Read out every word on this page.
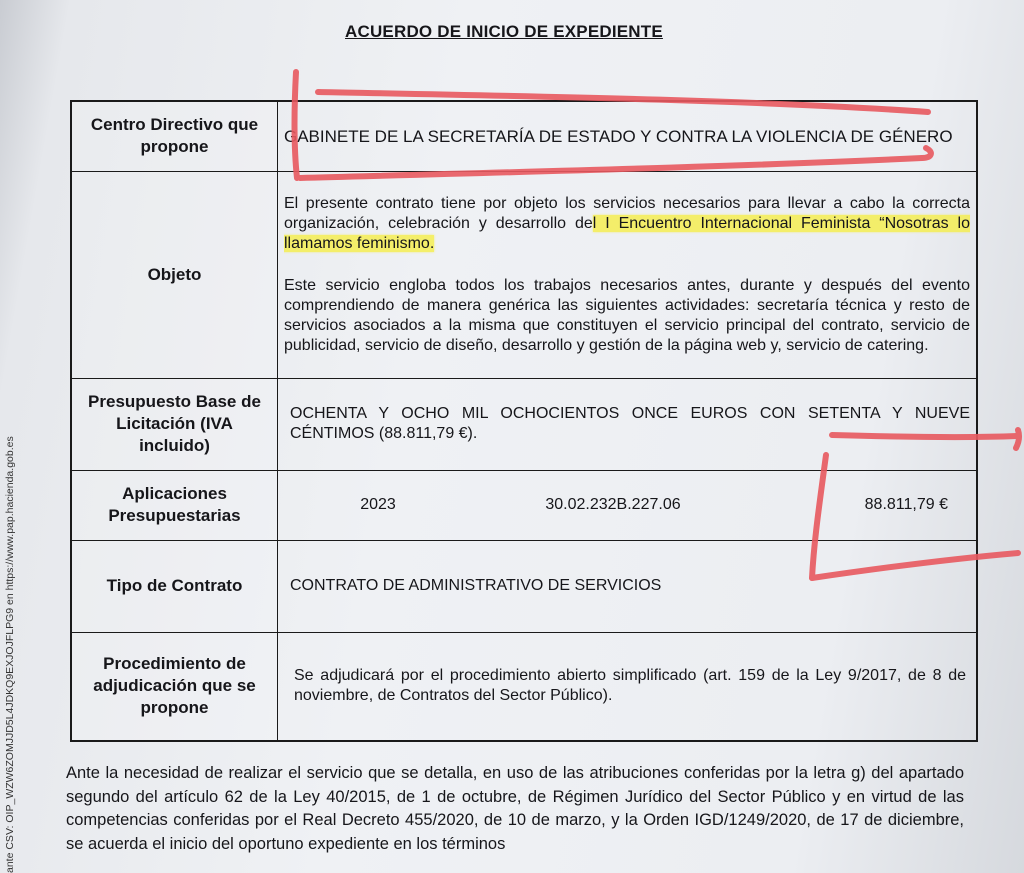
ACUERDO DE INICIO DE EXPEDIENTE
ante CSV: OIP_WZW6ZOMJJD5L4JDKQ9EXJOJFLPG9 en https://www.pap.hacienda.gob.es
Centro Directivo que propone	GABINETE DE LA SECRETARÍA DE ESTADO Y CONTRA LA VIOLENCIA DE GÉNERO
Objeto	El presente contrato tiene por objeto los servicios necesarios para llevar a cabo la correcta organización, celebración y desarrollo del I Encuentro Internacional Feminista “Nosotras lo llamamos feminismo.

Este servicio engloba todos los trabajos necesarios antes, durante y después del evento comprendiendo de manera genérica las siguientes actividades: secretaría técnica y resto de servicios asociados a la misma que constituyen el servicio principal del contrato, servicio de publicidad, servicio de diseño, desarrollo y gestión de la página web y, servicio de catering.

Presupuesto Base de Licitación (IVA incluido)	OCHENTA Y OCHO MIL OCHOCIENTOS ONCE EUROS CON SETENTA Y NUEVE CÉNTIMOS (88.811,79 €).
Aplicaciones Presupuestarias	2023 30.02.232B.227.06 88.811,79 €

Tipo de Contrato	CONTRATO DE ADMINISTRATIVO DE SERVICIOS
Procedimiento de adjudicación que se propone	Se adjudicará por el procedimiento abierto simplificado (art. 159 de la Ley 9/2017, de 8 de noviembre, de Contratos del Sector Público).
Ante la necesidad de realizar el servicio que se detalla, en uso de las atribuciones conferidas por la letra g) del apartado segundo del artículo 62 de la Ley 40/2015, de 1 de octubre, de Régimen Jurídico del Sector Público y en virtud de las competencias conferidas por el Real Decreto 455/2020, de 10 de marzo, y la Orden IGD/1249/2020, de 17 de diciembre, se acuerda el inicio del oportuno expediente en los términos
